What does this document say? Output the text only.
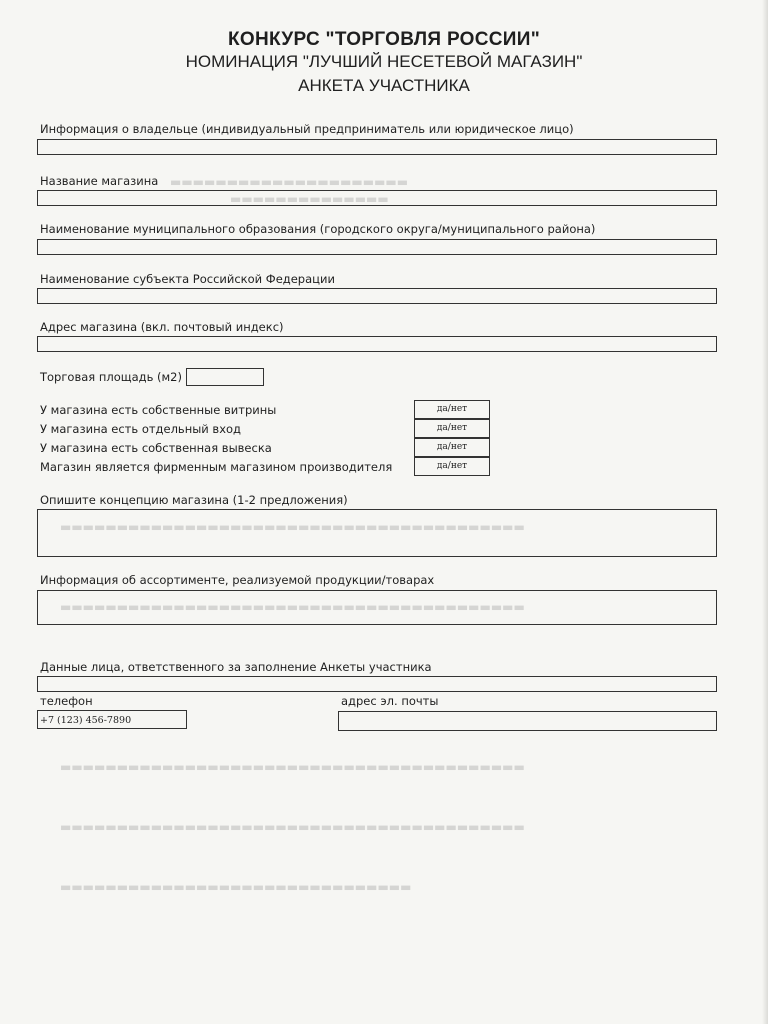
▬▬▬▬▬▬▬▬▬▬▬▬▬▬▬▬▬▬▬▬▬
▬▬▬▬▬▬▬▬▬▬▬▬▬▬
▬▬▬▬▬▬▬▬▬▬▬▬▬▬▬▬▬▬▬▬▬▬▬▬▬▬▬▬▬▬▬▬▬▬▬▬▬▬▬▬▬
▬▬▬▬▬▬▬▬▬▬▬▬▬▬▬▬▬▬▬▬▬▬▬▬▬▬▬▬▬▬▬▬▬▬▬▬▬▬▬▬▬
▬▬▬▬▬▬▬▬▬▬▬▬▬▬▬▬▬▬▬▬▬▬▬▬▬▬▬▬▬▬▬▬▬▬▬▬▬▬▬▬▬
▬▬▬▬▬▬▬▬▬▬▬▬▬▬▬▬▬▬▬▬▬▬▬▬▬▬▬▬▬▬▬▬▬▬▬▬▬▬▬▬▬
▬▬▬▬▬▬▬▬▬▬▬▬▬▬▬▬▬▬▬▬▬▬▬▬▬▬▬▬▬▬▬
КОНКУРС "ТОРГОВЛЯ РОССИИ"
НОМИНАЦИЯ "ЛУЧШИЙ НЕСЕТЕВОЙ МАГАЗИН"
АНКЕТА УЧАСТНИКА
Информация о владельце (индивидуальный предприниматель или юридическое лицо)
Название магазина
Наименование муниципального образования (городского округа/муниципального района)
Наименование субъекта Российской Федерации
Адрес магазина (вкл. почтовый индекс)
Торговая площадь (м2)
У магазина есть собственные витрины	да/нет
У магазина есть отдельный вход	да/нет
У магазина есть собственная вывеска	да/нет
Магазин является фирменным магазином производителя	да/нет
Опишите концепцию магазина (1-2 предложения)
Информация об ассортименте, реализуемой продукции/товарах
Данные лица, ответственного за заполнение Анкеты участника
телефон
+7 (123) 456-7890
адрес эл. почты
